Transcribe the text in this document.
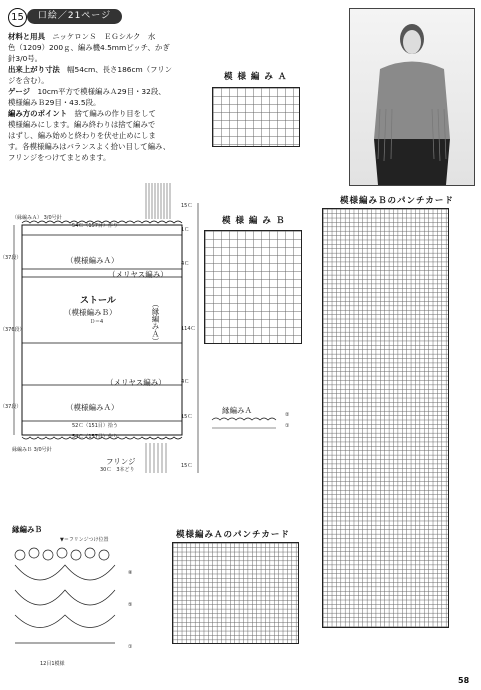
15	口絵／21ページ
材料と用具　 ニッケロンＳ　ＥＧシルク　水
色（1209）200ｇ、編み機4.5mmピッチ、かぎ
針3/0号。
出来上がり寸法　 幅54cm、長さ186cm（フリン
ジを含む）。
ゲージ　 10cm平方で模様編みＡ29目・32段、
模様編みＢ29目・43.5段。
編み方のポイント　 捨て編みの作り目をして
模様編みにします。編み終わりは捨て編みで
はずし、編み始めと終わりを伏せ止めにしま
す。各模様編みはバランスよく拾い目して編み、
フリンジをつけてまとめます。
模 様 編 み Ａ
模 様 編 み Ｂ
模様編みＢのパンチカード
模様編みＡのパンチカード
縁編みＡ	②
①
（縁編みＡ） 3/0号針
54Ｃ（157目）作り
（模様編みＡ）
（メリヤス編み）
ストール
（模様編みＢ）
Ｄ＝4	（縁編みＡ）
（メリヤス編み）
（模様編みＡ）
52Ｃ（151目）拾う
54Ｃ（157目）作り
縁編みＢ 3/0号針
（37段）
（376段）
（37段）
フリンジ
30Ｃ　3本どり
15Ｃ
1Ｃ
4Ｃ
114Ｃ
4Ｃ
15Ｃ
15Ｃ
縁編みＢ
▼＝フリンジつけ位置
⑧
⑤
①
12目1模様
58
